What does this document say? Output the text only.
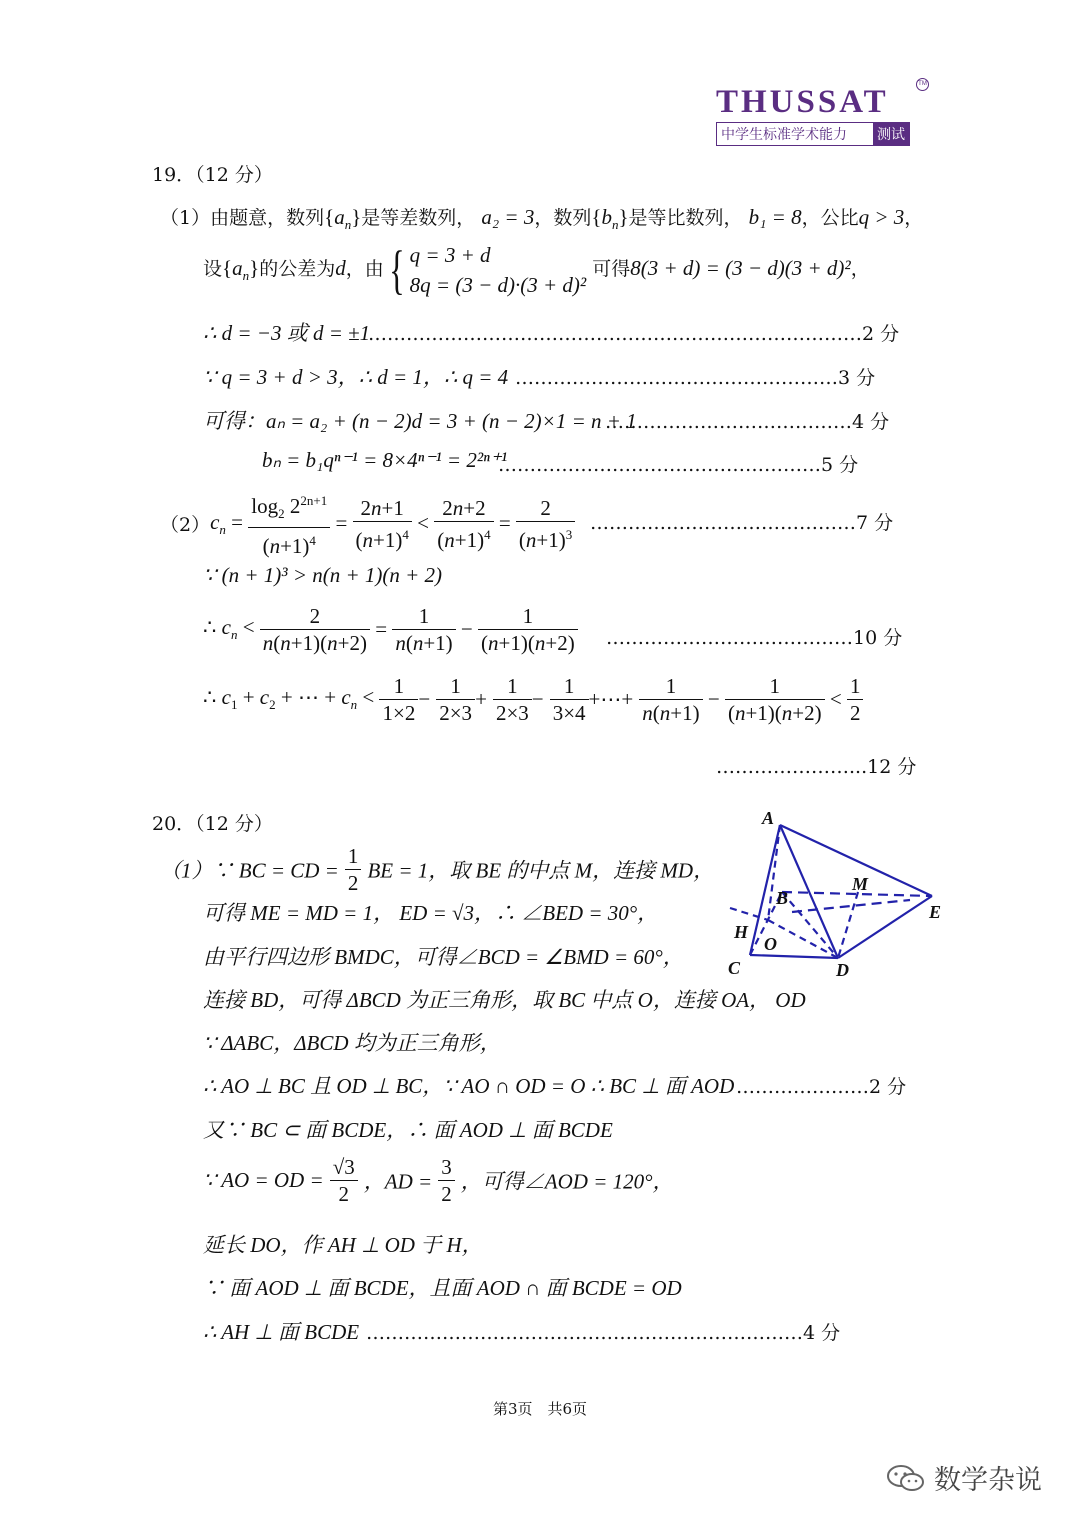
THUSSAT	TM
中学生标准学术能力	测试
19．（12 分）
（1）由题意，数列$\{a_n\}$是等差数列， a₂ = 3，数列$\{b_n\}$是等比数列， b₁ = 8，公比q > 3，
设$\{a_n\}$的公差为d，由{ q = 3 + d
8q = (3 − d)·(3 + d)² 可得8(3 + d) = (3 − d)(3 + d)²，
∴ d = −3 或 d = ±1
……………………………………………………………………2 分
∵ q = 3 + d > 3，∴ d = 1，∴ q = 4 ……………………………………………3 分
可得：aₙ = a₂ + (n − 2)d = 3 + (n − 2)×1 = n + 1
…………………………………4 分
bₙ = b₁qⁿ⁻¹ = 8×4ⁿ⁻¹ = 2²ⁿ⁺¹
……………………………………………5 分
$(2)c_n = \frac{\log_2 2^{2n+1}}{(n+1)^4} = \frac{2n+1}{(n+1)^4} < \frac{2n+2}{(n+1)^4} = \frac{2}{(n+1)^3}$ ……………………………………7 分
∵ (n + 1)³ > n(n + 1)(n + 2)
∴ $c_n < \frac{2}{n(n+1)(n+2)} = \frac{1}{n(n+1)} - \frac{1}{(n+1)(n+2)}$ …………………………………10 分
∴ $c_1 + c_2$ + ⋯ + $c_n < \frac{1}{1\times 2} - \frac{1}{2\times 3} + \frac{1}{2\times 3} - \frac{1}{3\times 4}$ +⋯+ $\frac{1}{n(n+1)} - \frac{1}{(n+1)(n+2)} < \frac{1}{2}$
…………………...12 分
20．（12 分）
（1）∵ BC = CD = $\frac{1}{2}$ BE = 1，取 BE 的中点 M，连接 MD，
可得 ME = MD = 1， ED = √3，∴ ∠BED = 30°，
由平行四边形 BMDC，可得∠BCD = ∠BMD = 60°，
连接 BD，可得 ΔBCD 为正三角形，取 BC 中点 O，连接 OA， OD
∵ ΔABC，ΔBCD 均为正三角形，
∴ AO ⊥ BC 且 OD ⊥ BC，∵ AO ∩ OD = O ∴ BC ⊥ 面 AOD …………………2 分
又∵ BC ⊂ 面 BCDE，∴ 面 AOD ⊥ 面 BCDE
∵ AO = OD = $\frac{√3}{2}$ ，AD = $\frac{3}{2}$ ，可得∠AOD = 120°，
延长 DO，作 AH ⊥ OD 于 H，
∵ 面 AOD ⊥ 面 BCDE，且面 AOD ∩ 面 BCDE = OD
∴ AH ⊥ 面 BCDE ……………………………………………………………4 分
A
B
M
E
H
O
C	D
第3页　共6页
数学杂说
